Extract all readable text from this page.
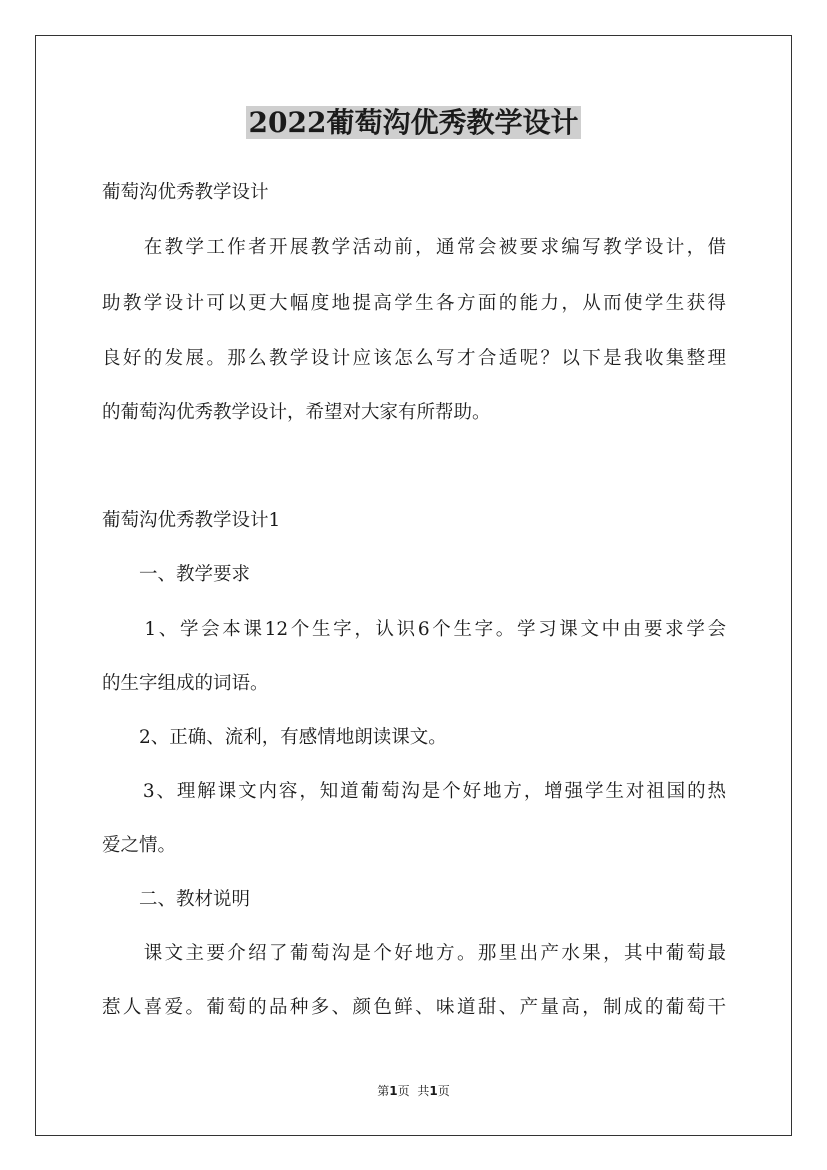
2022葡萄沟优秀教学设计
葡萄沟优秀教学设计
　　在教学工作者开展教学活动前，通常会被要求编写教学设计，借
助教学设计可以更大幅度地提高学生各方面的能力，从而使学生获得
良好的发展。那么教学设计应该怎么写才合适呢？以下是我收集整理
的葡萄沟优秀教学设计，希望对大家有所帮助。
葡萄沟优秀教学设计1
　　一、教学要求
　　1、学会本课12个生字，认识6个生字。学习课文中由要求学会
的生字组成的词语。
　　2、正确、流利，有感情地朗读课文。
　　3、理解课文内容，知道葡萄沟是个好地方，增强学生对祖国的热
爱之情。
　　二、教材说明
　　课文主要介绍了葡萄沟是个好地方。那里出产水果，其中葡萄最
惹人喜爱。葡萄的品种多、颜色鲜、味道甜、产量高，制成的葡萄干
第1页 共1页
